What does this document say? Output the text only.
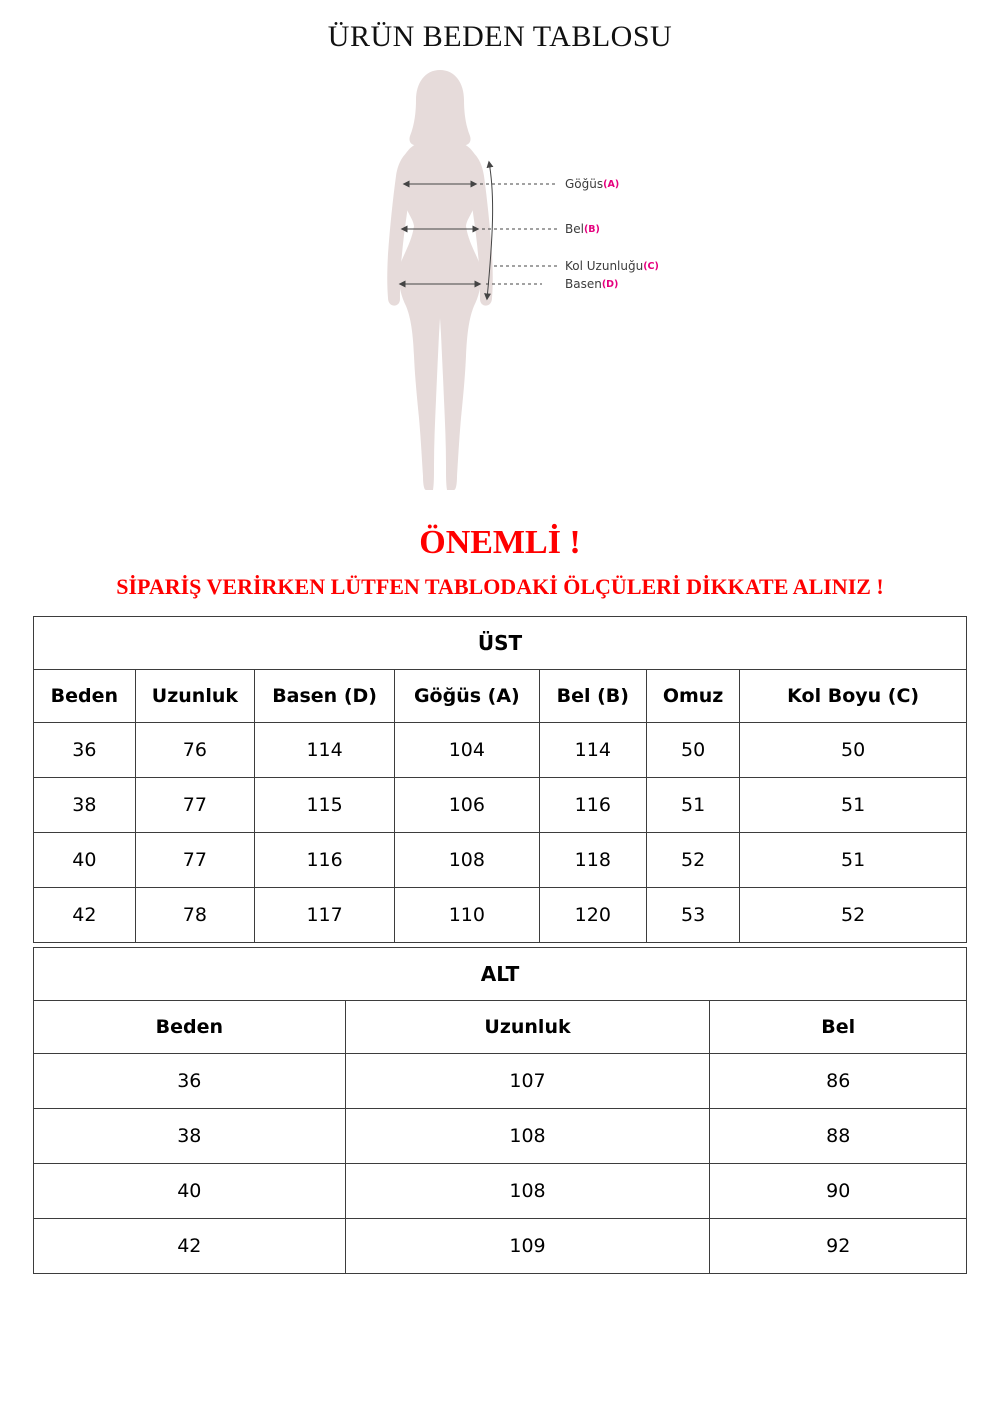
ÜRÜN BEDEN TABLOSU
Göğüs(A)
Bel(B)
Kol Uzunluğu(C)
Basen(D)
ÖNEMLİ !
SİPARİŞ VERİRKEN LÜTFEN TABLODAKİ ÖLÇÜLERİ DİKKATE ALINIZ !
ÜST						
Beden	Uzunluk	Basen (D)	Göğüs (A)	Bel (B)	Omuz	Kol Boyu (C)
36	76	114	104	114	50	50
38	77	115	106	116	51	51
40	77	116	108	118	52	51
42	78	117	110	120	53	52
ALT		
Beden	Uzunluk	Bel
36	107	86
38	108	88
40	108	90
42	109	92
